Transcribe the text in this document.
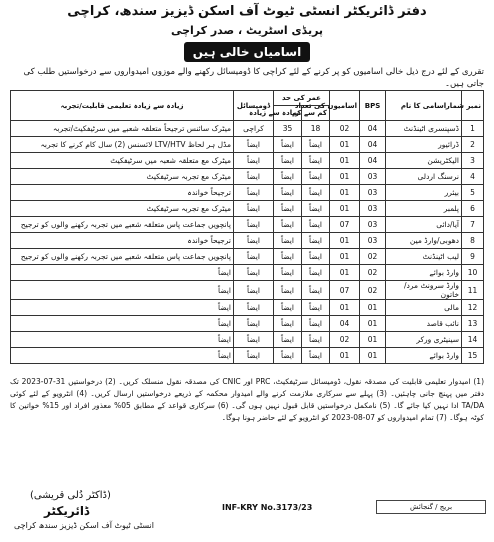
دفتر ڈائریکٹر انسٹی ٹیوٹ آف اسکن ڈیزیز سندھ، کراچی
پریڈی اسٹریٹ ، صدر کراچی
اسامیاں خالی ہیں
تقرری کے لئے درج ذیل خالی اسامیوں کو پر کرنے کے لئے کراچی کا ڈومیسائل رکھنے والے موزوں امیدواروں سے درخواستیں طلب کی جاتی ہیں۔
نمبر شمار	اسامی کا نام	BPS	اسامیوں کی تعداد	عمر کی حد		ڈومیسائل	زیادہ سے زیادہ تعلیمی قابلیت/تجربہ
				کم سے کم	زیادہ سے زیادہ		
1	ڈسپنسری اٹینڈنٹ	04	02	18	35	کراچی	میٹرک سائنس ترجیحاً متعلقہ شعبے میں سرٹیفکیٹ/تجربہ
2	ڈرائیور	04	01	ایضاً	ایضاً	ایضاً	مڈل ہر لحاظ LTV/HTV لائسنس (2) سال کام کرنے کا تجربہ
3	الیکٹریشن	04	01	ایضاً	ایضاً	ایضاً	میٹرک مع متعلقہ شعبہ میں سرٹیفکیٹ
4	نرسنگ اردلی	03	01	ایضاً	ایضاً	ایضاً	میٹرک مع تجربہ سرٹیفکیٹ
5	بیئرر	03	01	ایضاً	ایضاً	ایضاً	ترجیحاً خواندہ
6	پلمبر	03	01	ایضاً	ایضاً	ایضاً	میٹرک مع تجربہ سرٹیفکیٹ
7	آیا/دائی	03	07	ایضاً	ایضاً	ایضاً	پانچویں جماعت پاس متعلقہ شعبے میں تجربہ رکھنے والوں کو ترجیح
8	دھوبی/وارڈ مین	03	01	ایضاً	ایضاً	ایضاً	ترجیحاً خواندہ
9	لیب اٹینڈنٹ	02	01	ایضاً	ایضاً	ایضاً	پانچویں جماعت پاس متعلقہ شعبے میں تجربہ رکھنے والوں کو ترجیح
10	وارڈ بوائے	02	01	ایضاً	ایضاً	ایضاً	ایضاً
11	وارڈ سرونٹ مرد/خاتون	02	07	ایضاً	ایضاً	ایضاً	ایضاً
12	مالی	01	01	ایضاً	ایضاً	ایضاً	ایضاً
13	نائب قاصد	01	04	ایضاً	ایضاً	ایضاً	ایضاً
14	سینیٹری ورکر	01	02	ایضاً	ایضاً	ایضاً	ایضاً
15	وارڈ بوائے	01	01	ایضاً	ایضاً	ایضاً	ایضاً
(1) امیدوار تعلیمی قابلیت کی مصدقہ نقول، ڈومیسائل سرٹیفکیٹ، PRC اور CNIC کی مصدقہ نقول منسلک کریں۔ (2) درخواستیں 31-07-2023 تک دفتر میں پہنچ جانی چاہئیں۔ (3) پہلے سے سرکاری ملازمت کرنے والے امیدوار محکمہ کے ذریعے درخواستیں ارسال کریں۔ (4) انٹرویو کے لئے کوئی TA/DA ادا نہیں کیا جائے گا۔ (5) نامکمل درخواستیں قابل قبول نہیں ہوں گی۔ (6) سرکاری قواعد کے مطابق 05% معذور افراد اور 15% خواتین کا کوٹہ ہوگا۔ (7) تمام امیدواروں کو 07-08-2023 کو انٹرویو کے لئے حاضر ہونا ہوگا۔
(ڈاکٹر دُلی قریشی)
ڈائریکٹر
انسٹی ٹیوٹ آف اسکن ڈیزیز سندھ کراچی
INF-KRY No.3173/23	بریج / گنجائش
